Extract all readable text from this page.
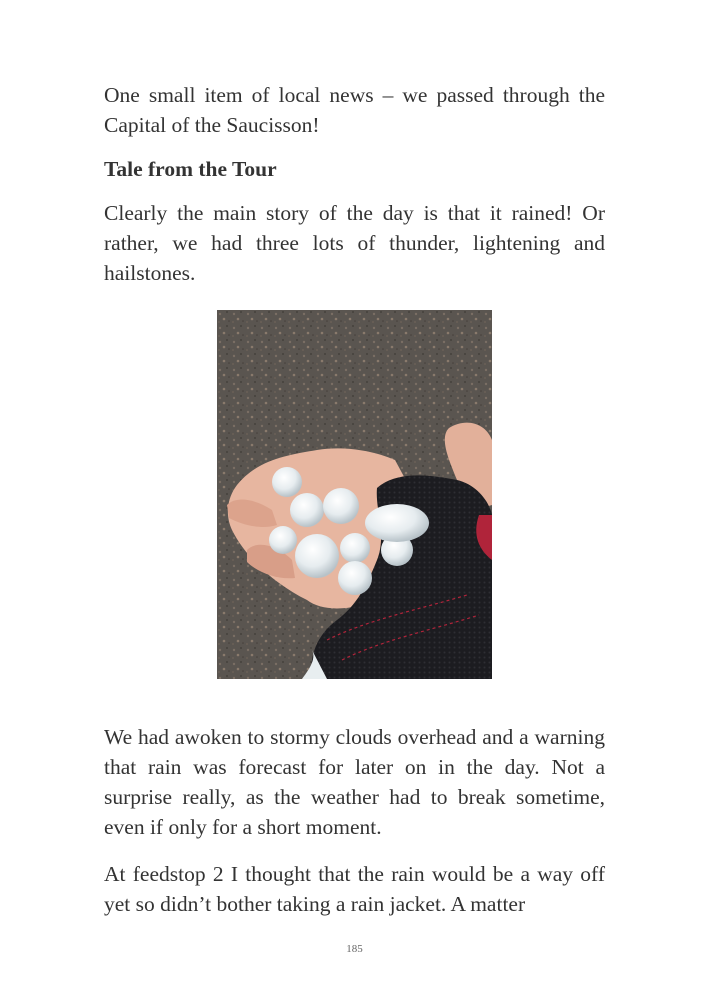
One small item of local news – we passed through the Capital of the Saucisson!

Tale from the Tour

Clearly the main story of the day is that it rained! Or rather, we had three lots of thunder, lightening and hailstones.

We had awoken to stormy clouds overhead and a warning that rain was forecast for later on in the day. Not a surprise really, as the weather had to break sometime, even if only for a short moment.

At feedstop 2 I thought that the rain would be a way off yet so didn’t bother taking a rain jacket. A matter

185
